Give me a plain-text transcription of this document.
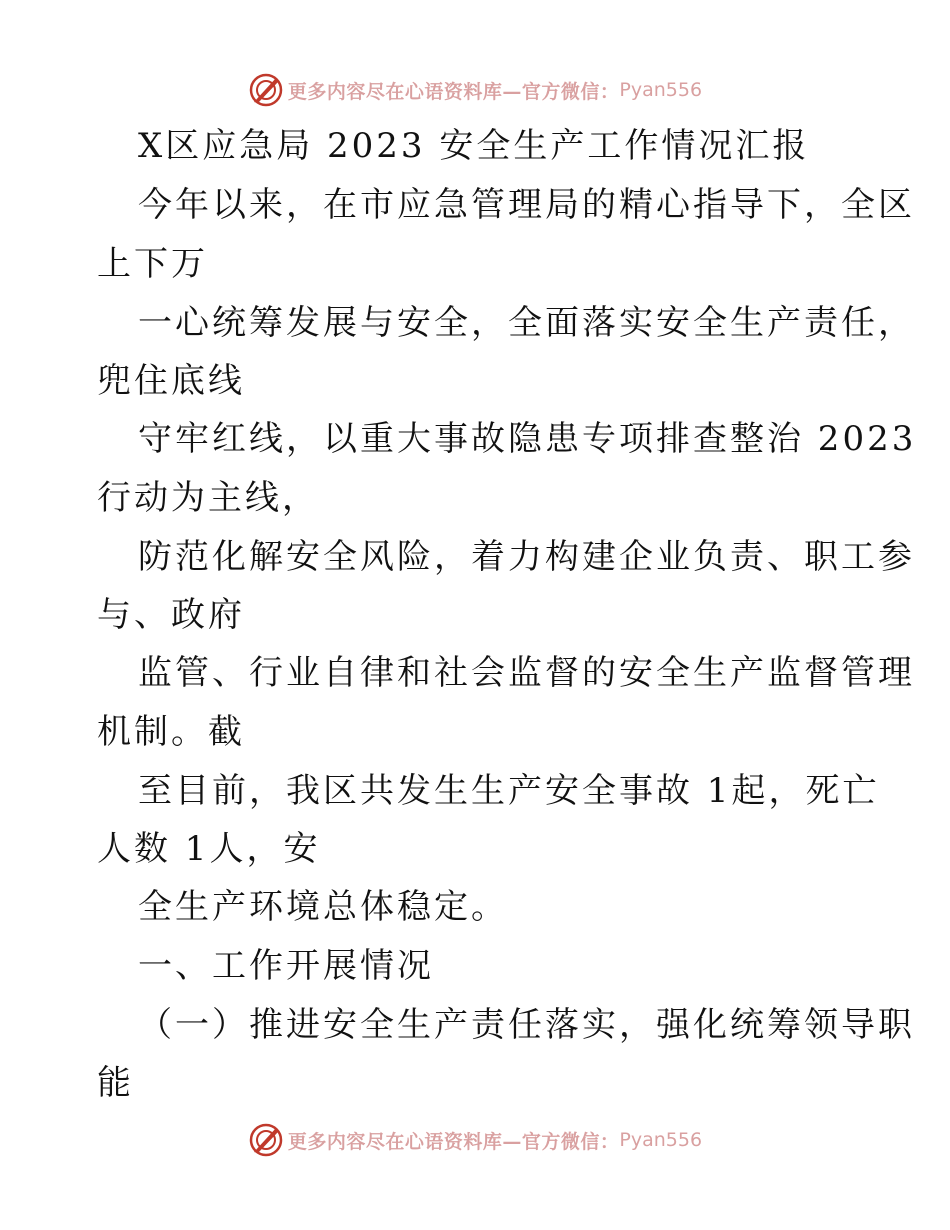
更多内容尽在心语资料库—官方微信： Pyan556
X区应急局 2023 安全生产工作情况汇报
今年以来，在市应急管理局的精心指导下，全区
上下万
一心统筹发展与安全，全面落实安全生产责任，
兜住底线
守牢红线，以重大事故隐患专项排查整治 2023
行动为主线，
防范化解安全风险，着力构建企业负责、职工参
与、政府
监管、行业自律和社会监督的安全生产监督管理
机制。截
至目前，我区共发生生产安全事故 1起，死亡
人数 1人，安
全生产环境总体稳定。
一、工作开展情况
（一）推进安全生产责任落实，强化统筹领导职
能
更多内容尽在心语资料库—官方微信： Pyan556
